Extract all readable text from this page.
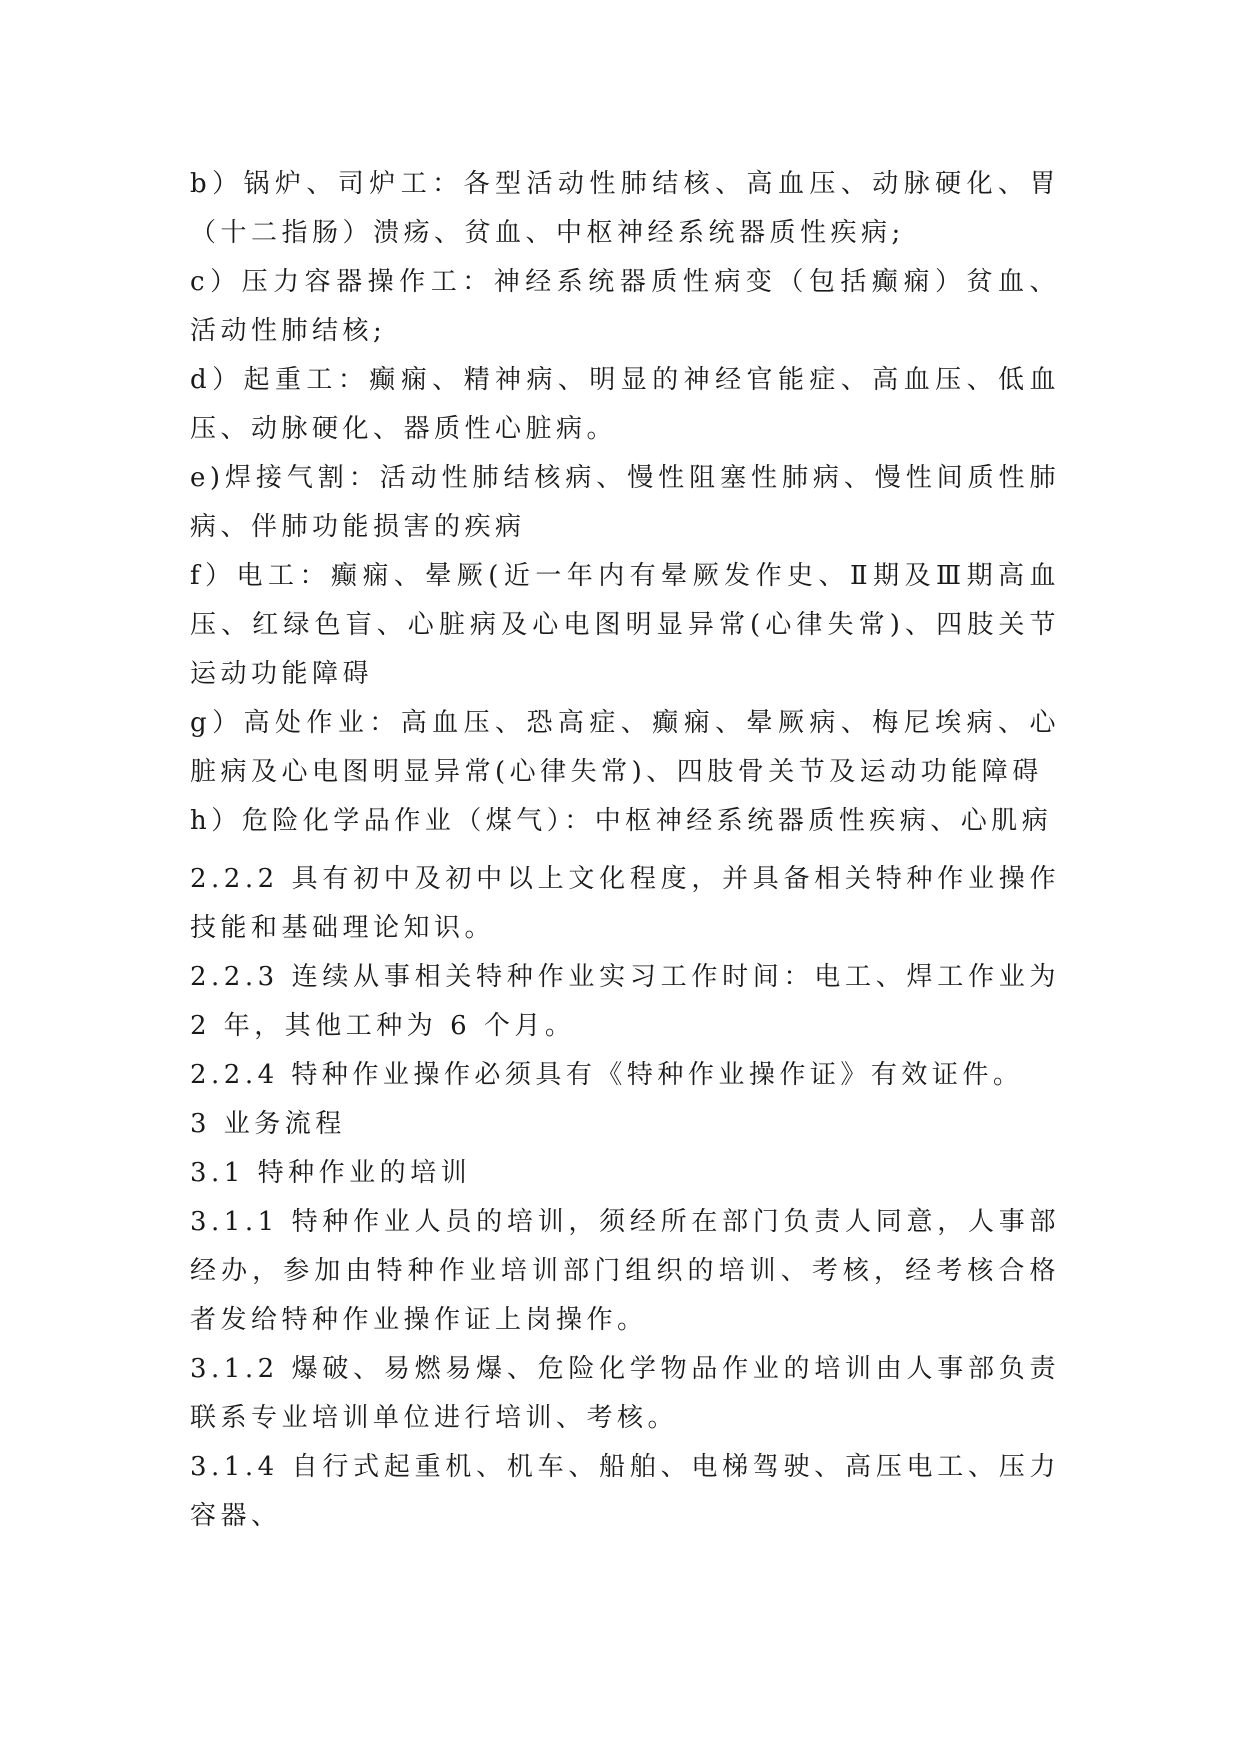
b）锅炉、司炉工：各型活动性肺结核、高血压、动脉硬化、胃（十二指肠）溃疡、贫血、中枢神经系统器质性疾病;

c）压力容器操作工：神经系统器质性病变（包括癫痫）贫血、活动性肺结核;

d）起重工：癫痫、精神病、明显的神经官能症、高血压、低血压、动脉硬化、器质性心脏病。

e)焊接气割：活动性肺结核病、慢性阻塞性肺病、慢性间质性肺病、伴肺功能损害的疾病

f）电工：癫痫、晕厥(近一年内有晕厥发作史、Ⅱ期及Ⅲ期高血压、红绿色盲、心脏病及心电图明显异常(心律失常)、四肢关节运动功能障碍

g）高处作业：高血压、恐高症、癫痫、晕厥病、梅尼埃病、心脏病及心电图明显异常(心律失常)、四肢骨关节及运动功能障碍

h）危险化学品作业（煤气）：中枢神经系统器质性疾病、心肌病

2.2.2 具有初中及初中以上文化程度，并具备相关特种作业操作技能和基础理论知识。

2.2.3 连续从事相关特种作业实习工作时间：电工、焊工作业为 2 年，其他工种为 6 个月。

2.2.4 特种作业操作必须具有《特种作业操作证》有效证件。

3 业务流程

3.1 特种作业的培训

3.1.1 特种作业人员的培训，须经所在部门负责人同意，人事部经办，参加由特种作业培训部门组织的培训、考核，经考核合格者发给特种作业操作证上岗操作。

3.1.2 爆破、易燃易爆、危险化学物品作业的培训由人事部负责联系专业培训单位进行培训、考核。

3.1.4 自行式起重机、机车、船舶、电梯驾驶、高压电工、压力容器、
